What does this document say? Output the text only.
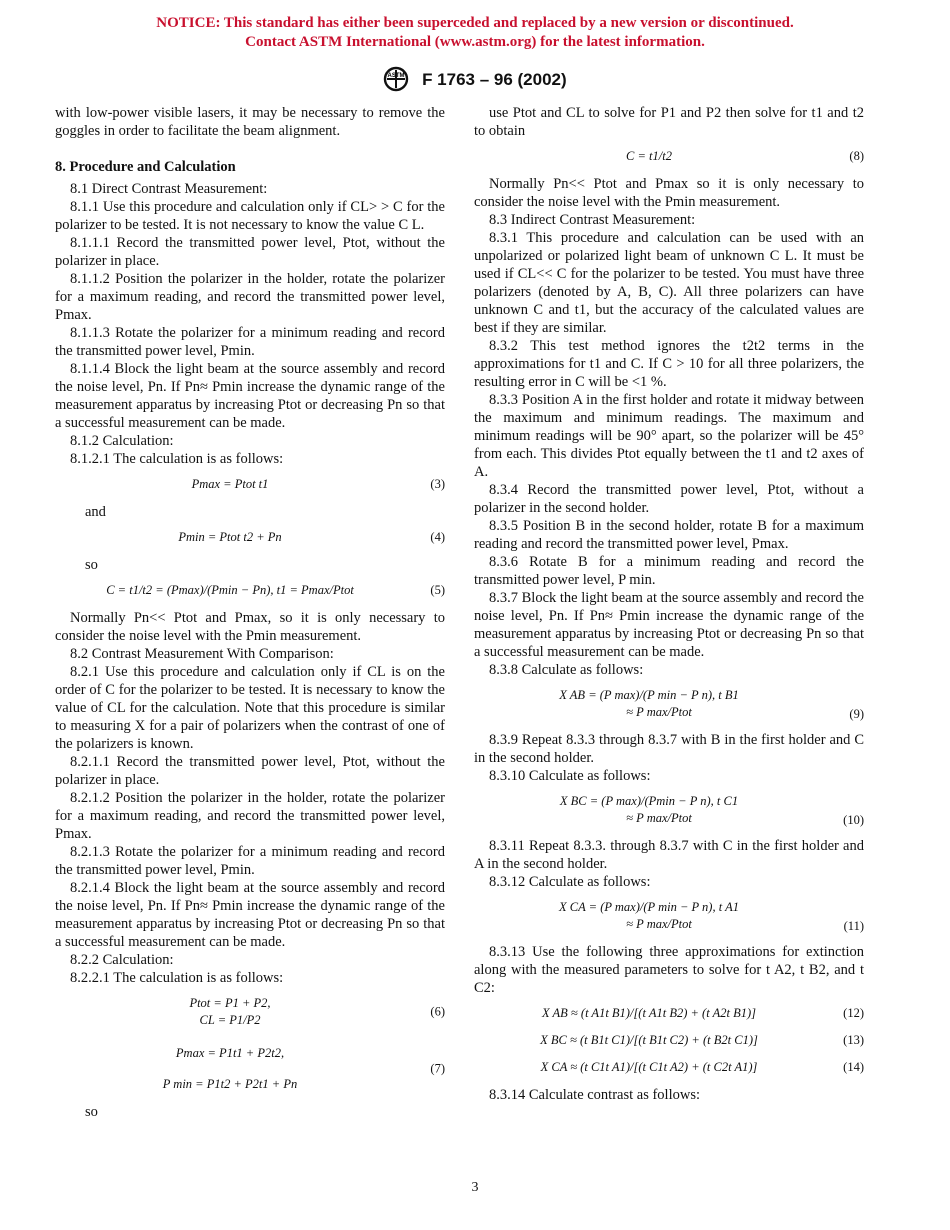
NOTICE: This standard has either been superceded and replaced by a new version or discontinued.
Contact ASTM International (www.astm.org) for the latest information.
ASTM F 1763 – 96 (2002)

with low-power visible lasers, it may be necessary to remove the goggles in order to facilitate the beam alignment.

8. Procedure and Calculation

8.1 Direct Contrast Measurement:

8.1.1 Use this procedure and calculation only if CL> > C for the polarizer to be tested. It is not necessary to know the value C L.

8.1.1.1 Record the transmitted power level, Ptot, without the polarizer in place.

8.1.1.2 Position the polarizer in the holder, rotate the polarizer for a maximum reading, and record the transmitted power level, Pmax.

8.1.1.3 Rotate the polarizer for a minimum reading and record the transmitted power level, Pmin.

8.1.1.4 Block the light beam at the source assembly and record the noise level, Pn. If Pn≈ Pmin increase the dynamic range of the measurement apparatus by increasing Ptot or decreasing Pn so that a successful measurement can be made.

8.1.2 Calculation:

8.1.2.1 The calculation is as follows:

Pmax = Ptot t1	(3)

and

Pmin = Ptot t2 + Pn	(4)

so

C = t1/t2 = (Pmax)/(Pmin − Pn), t1 = Pmax/Ptot	(5)

Normally Pn<< Ptot and Pmax, so it is only necessary to consider the noise level with the Pmin measurement.

8.2 Contrast Measurement With Comparison:

8.2.1 Use this procedure and calculation only if CL is on the order of C for the polarizer to be tested. It is necessary to know the value of CL for the calculation. Note that this procedure is similar to measuring X for a pair of polarizers when the contrast of one of the polarizers is known.

8.2.1.1 Record the transmitted power level, Ptot, without the polarizer in place.

8.2.1.2 Position the polarizer in the holder, rotate the polarizer for a maximum reading, and record the transmitted power level, Pmax.

8.2.1.3 Rotate the polarizer for a minimum reading and record the transmitted power level, Pmin.

8.2.1.4 Block the light beam at the source assembly and record the noise level, Pn. If Pn≈ Pmin increase the dynamic range of the measurement apparatus by increasing Ptot or decreasing Pn so that a successful measurement can be made.

8.2.2 Calculation:

8.2.2.1 The calculation is as follows:

Ptot = P1 + P2,
CL = P1/P2
(6)
Pmax = P1t1 + P2t2,
P min = P1t2 + P2t1 + Pn
(7)

so

use Ptot and CL to solve for P1 and P2 then solve for t1 and t2 to obtain

C = t1/t2	(8)

Normally Pn<< Ptot and Pmax so it is only necessary to consider the noise level with the Pmin measurement.

8.3 Indirect Contrast Measurement:

8.3.1 This procedure and calculation can be used with an unpolarized or polarized light beam of unknown C L. It must be used if CL<< C for the polarizer to be tested. You must have three polarizers (denoted by A, B, C). All three polarizers can have unknown C and t1, but the accuracy of the calculated values are best if they are similar.

8.3.2 This test method ignores the t2t2 terms in the approximations for t1 and C. If C > 10 for all three polarizers, the resulting error in C will be <1 %.

8.3.3 Position A in the first holder and rotate it midway between the maximum and minimum readings. The maximum and minimum readings will be 90° apart, so the polarizer will be 45° from each. This divides Ptot equally between the t1 and t2 axes of A.

8.3.4 Record the transmitted power level, Ptot, without a polarizer in the second holder.

8.3.5 Position B in the second holder, rotate B for a maximum reading and record the transmitted power level, Pmax.

8.3.6 Rotate B for a minimum reading and record the transmitted power level, P min.

8.3.7 Block the light beam at the source assembly and record the noise level, Pn. If Pn≈ Pmin increase the dynamic range of the measurement apparatus by increasing Ptot or decreasing Pn so that a successful measurement can be made.

8.3.8 Calculate as follows:

X AB = (P max)/(P min − P n), t B1
≈ P max/Ptot	(9)

8.3.9 Repeat 8.3.3 through 8.3.7 with B in the first holder and C in the second holder.

8.3.10 Calculate as follows:

X BC = (P max)/(Pmin − P n), t C1
≈ P max/Ptot	(10)

8.3.11 Repeat 8.3.3. through 8.3.7 with C in the first holder and A in the second holder.

8.3.12 Calculate as follows:

X CA = (P max)/(P min − P n), t A1
≈ P max/Ptot	(11)

8.3.13 Use the following three approximations for extinction along with the measured parameters to solve for t A2, t B2, and t C2:

X AB ≈ (t A1t B1)/[(t A1t B2) + (t A2t B1)]	(12)
X BC ≈ (t B1t C1)/[(t B1t C2) + (t B2t C1)]	(13)
X CA ≈ (t C1t A1)/[(t C1t A2) + (t C2t A1)]	(14)

8.3.14 Calculate contrast as follows:

3
